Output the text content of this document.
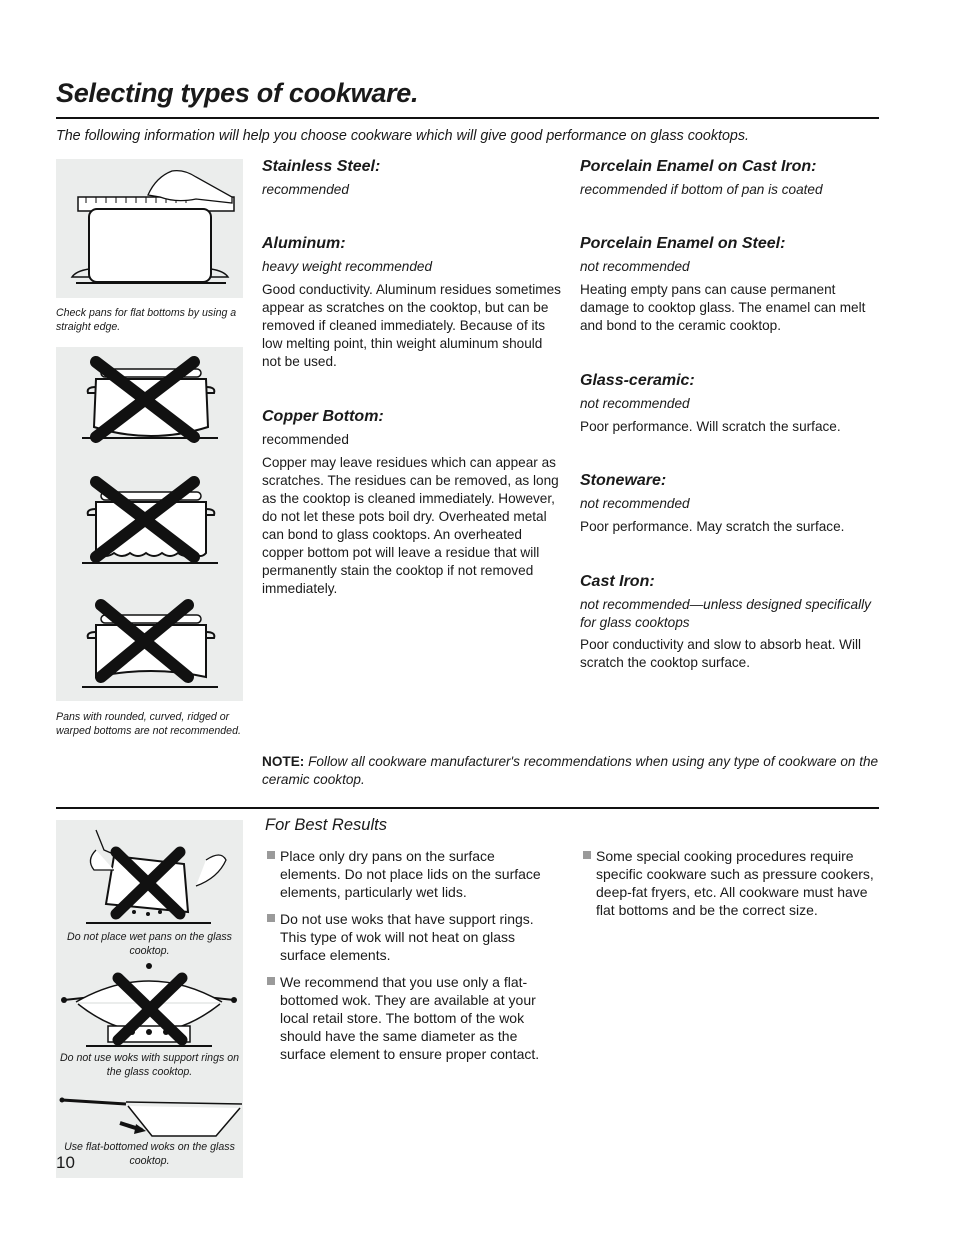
Selecting types of cookware.
The following information will help you choose cookware which will give good performance on glass cooktops.
Check pans for flat bottoms by using a straight edge.
Pans with rounded, curved, ridged or warped bottoms are not recommended.
Stainless Steel:
recommended
Aluminum:
heavy weight recommended
Good conductivity. Aluminum residues sometimes appear as scratches on the cooktop, but can be removed if cleaned immediately. Because of its low melting point, thin weight aluminum should not be used.
Copper Bottom:
recommended
Copper may leave residues which can appear as scratches. The residues can be removed, as long as the cooktop is cleaned immediately. However, do not let these pots boil dry. Overheated metal can bond to glass cooktops. An overheated copper bottom pot will leave a residue that will permanently stain the cooktop if not removed immediately.
Porcelain Enamel on Cast Iron:
recommended if bottom of pan is coated
Porcelain Enamel on Steel:
not recommended
Heating empty pans can cause permanent damage to cooktop glass. The enamel can melt and bond to the ceramic cooktop.
Glass-ceramic:
not recommended
Poor performance. Will scratch the surface.
Stoneware:
not recommended
Poor performance. May scratch the surface.
Cast Iron:
not recommended—unless designed specifically for glass cooktops
Poor conductivity and slow to absorb heat. Will scratch the cooktop surface.
NOTE: Follow all cookware manufacturer's recommendations when using any type of cookware on the ceramic cooktop.
Do not place wet pans on the glass cooktop.
Do not use woks with support rings on the glass cooktop.
Use flat-bottomed woks on the glass cooktop.
10
For Best Results
Place only dry pans on the surface elements. Do not place lids on the surface elements, particularly wet lids.
Do not use woks that have support rings. This type of wok will not heat on glass surface elements.
We recommend that you use only a flat-bottomed wok. They are available at your local retail store. The bottom of the wok should have the same diameter as the surface element to ensure proper contact.
Some special cooking procedures require specific cookware such as pressure cookers, deep-fat fryers, etc. All cookware must have flat bottoms and be the correct size.
